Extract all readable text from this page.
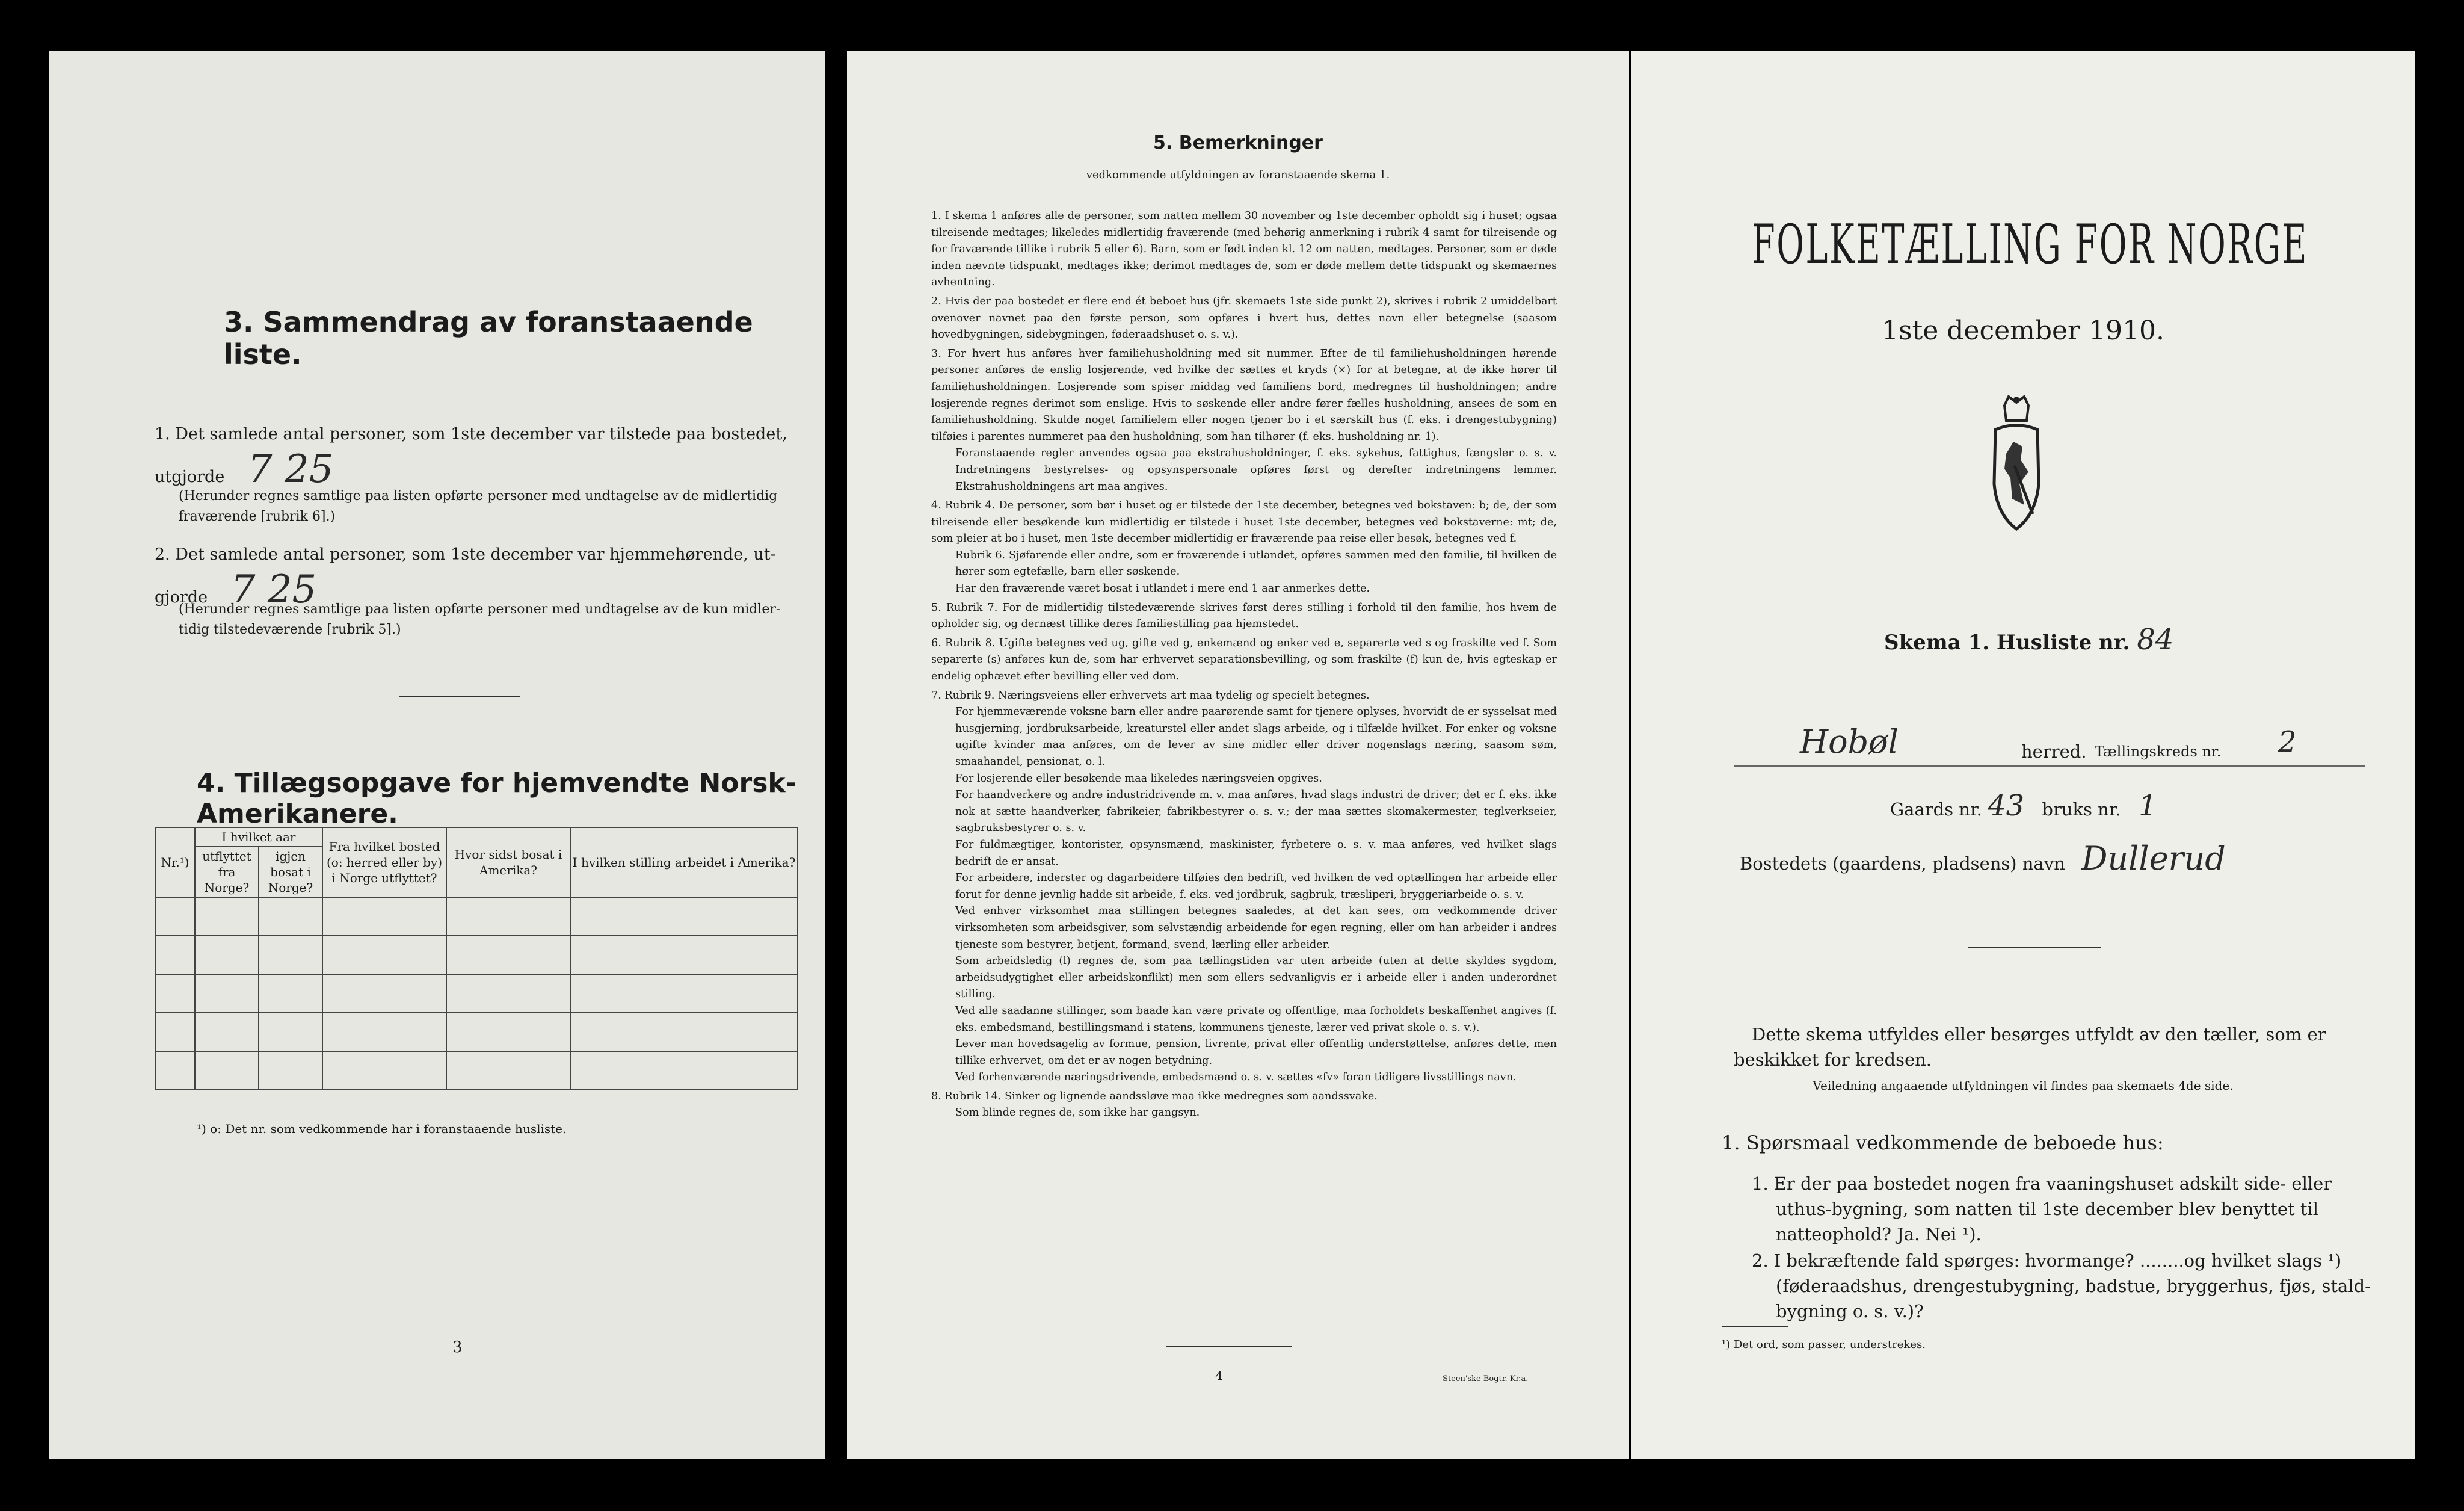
3. Sammendrag av foranstaaende liste.
1. Det samlede antal personer, som 1ste december var tilstede paa bostedet,
utgjorde 7 25
(Herunder regnes samtlige paa listen opførte personer med undtagelse av de midlertidig
fraværende [rubrik 6].)
2. Det samlede antal personer, som 1ste december var hjemmehørende, ut-
gjorde 7 25
(Herunder regnes samtlige paa listen opførte personer med undtagelse av de kun midler-
tidig tilstedeværende [rubrik 5].)
4. Tillægsopgave for hjemvendte Norsk-Amerikanere.
Nr.¹)	I hvilket aar		Fra hvilket bosted (o: herred eller by) i Norge utflyttet?	Hvor sidst bosat i Amerika?	I hvilken stilling arbeidet i Amerika?
	utflyttet fra Norge?	igjen bosat i Norge?			

¹) o: Det nr. som vedkommende har i foranstaaende husliste.
3
5. Bemerkninger
vedkommende utfyldningen av foranstaaende skema 1.

1. I skema 1 anføres alle de personer, som natten mellem 30 november og 1ste december opholdt sig i huset; ogsaa tilreisende medtages; likeledes midlertidig fraværende (med behørig anmerkning i rubrik 4 samt for tilreisende og for fraværende tillike i rubrik 5 eller 6). Barn, som er født inden kl. 12 om natten, medtages. Personer, som er døde inden nævnte tidspunkt, medtages ikke; derimot medtages de, som er døde mellem dette tidspunkt og skemaernes avhentning.

2. Hvis der paa bostedet er flere end ét beboet hus (jfr. skemaets 1ste side punkt 2), skrives i rubrik 2 umiddelbart ovenover navnet paa den første person, som opføres i hvert hus, dettes navn eller betegnelse (saasom hovedbygningen, sidebygningen, føderaadshuset o. s. v.).

3. For hvert hus anføres hver familiehusholdning med sit nummer. Efter de til familiehusholdningen hørende personer anføres de enslig losjerende, ved hvilke der sættes et kryds (×) for at betegne, at de ikke hører til familiehusholdningen. Losjerende som spiser middag ved familiens bord, medregnes til husholdningen; andre losjerende regnes derimot som enslige. Hvis to søskende eller andre fører fælles husholdning, ansees de som en familiehusholdning. Skulde noget familielem eller nogen tjener bo i et særskilt hus (f. eks. i drengestubygning) tilføies i parentes nummeret paa den husholdning, som han tilhører (f. eks. husholdning nr. 1).

Foranstaaende regler anvendes ogsaa paa ekstrahusholdninger, f. eks. sykehus, fattighus, fængsler o. s. v. Indretningens bestyrelses- og opsynspersonale opføres først og derefter indretningens lemmer. Ekstrahusholdningens art maa angives.

4. Rubrik 4. De personer, som bør i huset og er tilstede der 1ste december, betegnes ved bokstaven: b; de, der som tilreisende eller besøkende kun midlertidig er tilstede i huset 1ste december, betegnes ved bokstaverne: mt; de, som pleier at bo i huset, men 1ste december midlertidig er fraværende paa reise eller besøk, betegnes ved f.

Rubrik 6. Sjøfarende eller andre, som er fraværende i utlandet, opføres sammen med den familie, til hvilken de hører som egtefælle, barn eller søskende.

Har den fraværende været bosat i utlandet i mere end 1 aar anmerkes dette.

5. Rubrik 7. For de midlertidig tilstedeværende skrives først deres stilling i forhold til den familie, hos hvem de opholder sig, og dernæst tillike deres familiestilling paa hjemstedet.

6. Rubrik 8. Ugifte betegnes ved ug, gifte ved g, enkemænd og enker ved e, separerte ved s og fraskilte ved f. Som separerte (s) anføres kun de, som har erhvervet separationsbevilling, og som fraskilte (f) kun de, hvis egteskap er endelig ophævet efter bevilling eller ved dom.

7. Rubrik 9. Næringsveiens eller erhvervets art maa tydelig og specielt betegnes.

For hjemmeværende voksne barn eller andre paarørende samt for tjenere oplyses, hvorvidt de er sysselsat med husgjerning, jordbruksarbeide, kreaturstel eller andet slags arbeide, og i tilfælde hvilket. For enker og voksne ugifte kvinder maa anføres, om de lever av sine midler eller driver nogenslags næring, saasom søm, smaahandel, pensionat, o. l.

For losjerende eller besøkende maa likeledes næringsveien opgives.

For haandverkere og andre industridrivende m. v. maa anføres, hvad slags industri de driver; det er f. eks. ikke nok at sætte haandverker, fabrikeier, fabrikbestyrer o. s. v.; der maa sættes skomakermester, teglverkseier, sagbruksbestyrer o. s. v.

For fuldmægtiger, kontorister, opsynsmænd, maskinister, fyrbetere o. s. v. maa anføres, ved hvilket slags bedrift de er ansat.

For arbeidere, inderster og dagarbeidere tilføies den bedrift, ved hvilken de ved optællingen har arbeide eller forut for denne jevnlig hadde sit arbeide, f. eks. ved jordbruk, sagbruk, træsliperi, bryggeriarbeide o. s. v.

Ved enhver virksomhet maa stillingen betegnes saaledes, at det kan sees, om vedkommende driver virksomheten som arbeidsgiver, som selvstændig arbeidende for egen regning, eller om han arbeider i andres tjeneste som bestyrer, betjent, formand, svend, lærling eller arbeider.

Som arbeidsledig (l) regnes de, som paa tællingstiden var uten arbeide (uten at dette skyldes sygdom, arbeidsudygtighet eller arbeidskonflikt) men som ellers sedvanligvis er i arbeide eller i anden underordnet stilling.

Ved alle saadanne stillinger, som baade kan være private og offentlige, maa forholdets beskaffenhet angives (f. eks. embedsmand, bestillingsmand i statens, kommunens tjeneste, lærer ved privat skole o. s. v.).

Lever man hovedsagelig av formue, pension, livrente, privat eller offentlig understøttelse, anføres dette, men tillike erhvervet, om det er av nogen betydning.

Ved forhenværende næringsdrivende, embedsmænd o. s. v. sættes «fv» foran tidligere livsstillings navn.

8. Rubrik 14. Sinker og lignende aandssløve maa ikke medregnes som aandssvake.

Som blinde regnes de, som ikke har gangsyn.

4	Steen'ske Bogtr. Kr.a.
FOLKETÆLLING FOR NORGE
1ste december 1910.
Skema 1. Husliste nr. 84
Hobøl	herred. Tællingskreds nr. 2
Gaards nr. 43 bruks nr. 1
Bostedets (gaardens, pladsens) navn Dullerud
Dette skema utfyldes eller besørges utfyldt av den tæller, som er
beskikket for kredsen.
Veiledning angaaende utfyldningen vil findes paa skemaets 4de side.
1. Spørsmaal vedkommende de beboede hus:
1. Er der paa bostedet nogen fra vaaningshuset adskilt side- eller
uthus-bygning, som natten til 1ste december blev benyttet til
natteophold? Ja. Nei ¹).
2. I bekræftende fald spørges: hvormange? ........og hvilket slags ¹)
(føderaadshus, drengestubygning, badstue, bryggerhus, fjøs, stald-
bygning o. s. v.)?
¹) Det ord, som passer, understrekes.
